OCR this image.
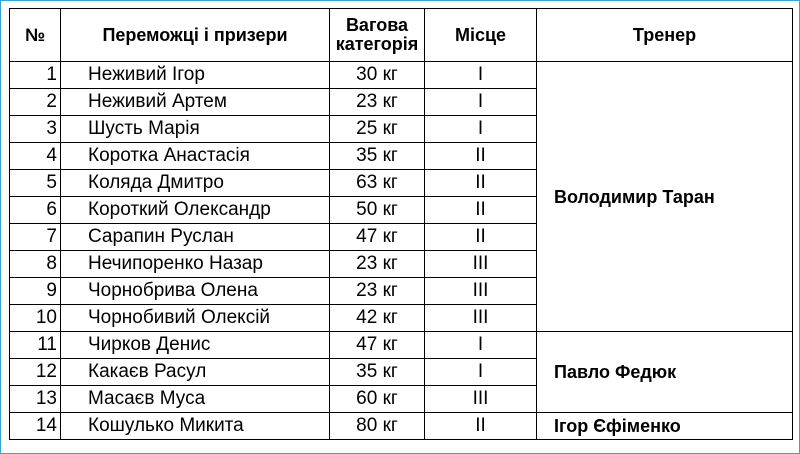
№	Переможці і призери	Вагова категорія	Місце	Тренер
1	Неживий Ігор	30 кг	I	Володимир Таран
2	Неживий Артем	23 кг	I	
3	Шусть Марія	25 кг	I	
4	Коротка Анастасія	35 кг	II	
5	Коляда Дмитро	63 кг	II	
6	Короткий Олександр	50 кг	II	
7	Сарапин Руслан	47 кг	II	
8	Нечипоренко Назар	23 кг	III	
9	Чорнобрива Олена	23 кг	III	
10	Чорнобивий Олексій	42 кг	III	
11	Чирков Денис	47 кг	I	Павло Федюк
12	Какаєв Расул	35 кг	I	
13	Масаєв Муса	60 кг	III	
14	Кошулько Микита	80 кг	II	Ігор Єфіменко
